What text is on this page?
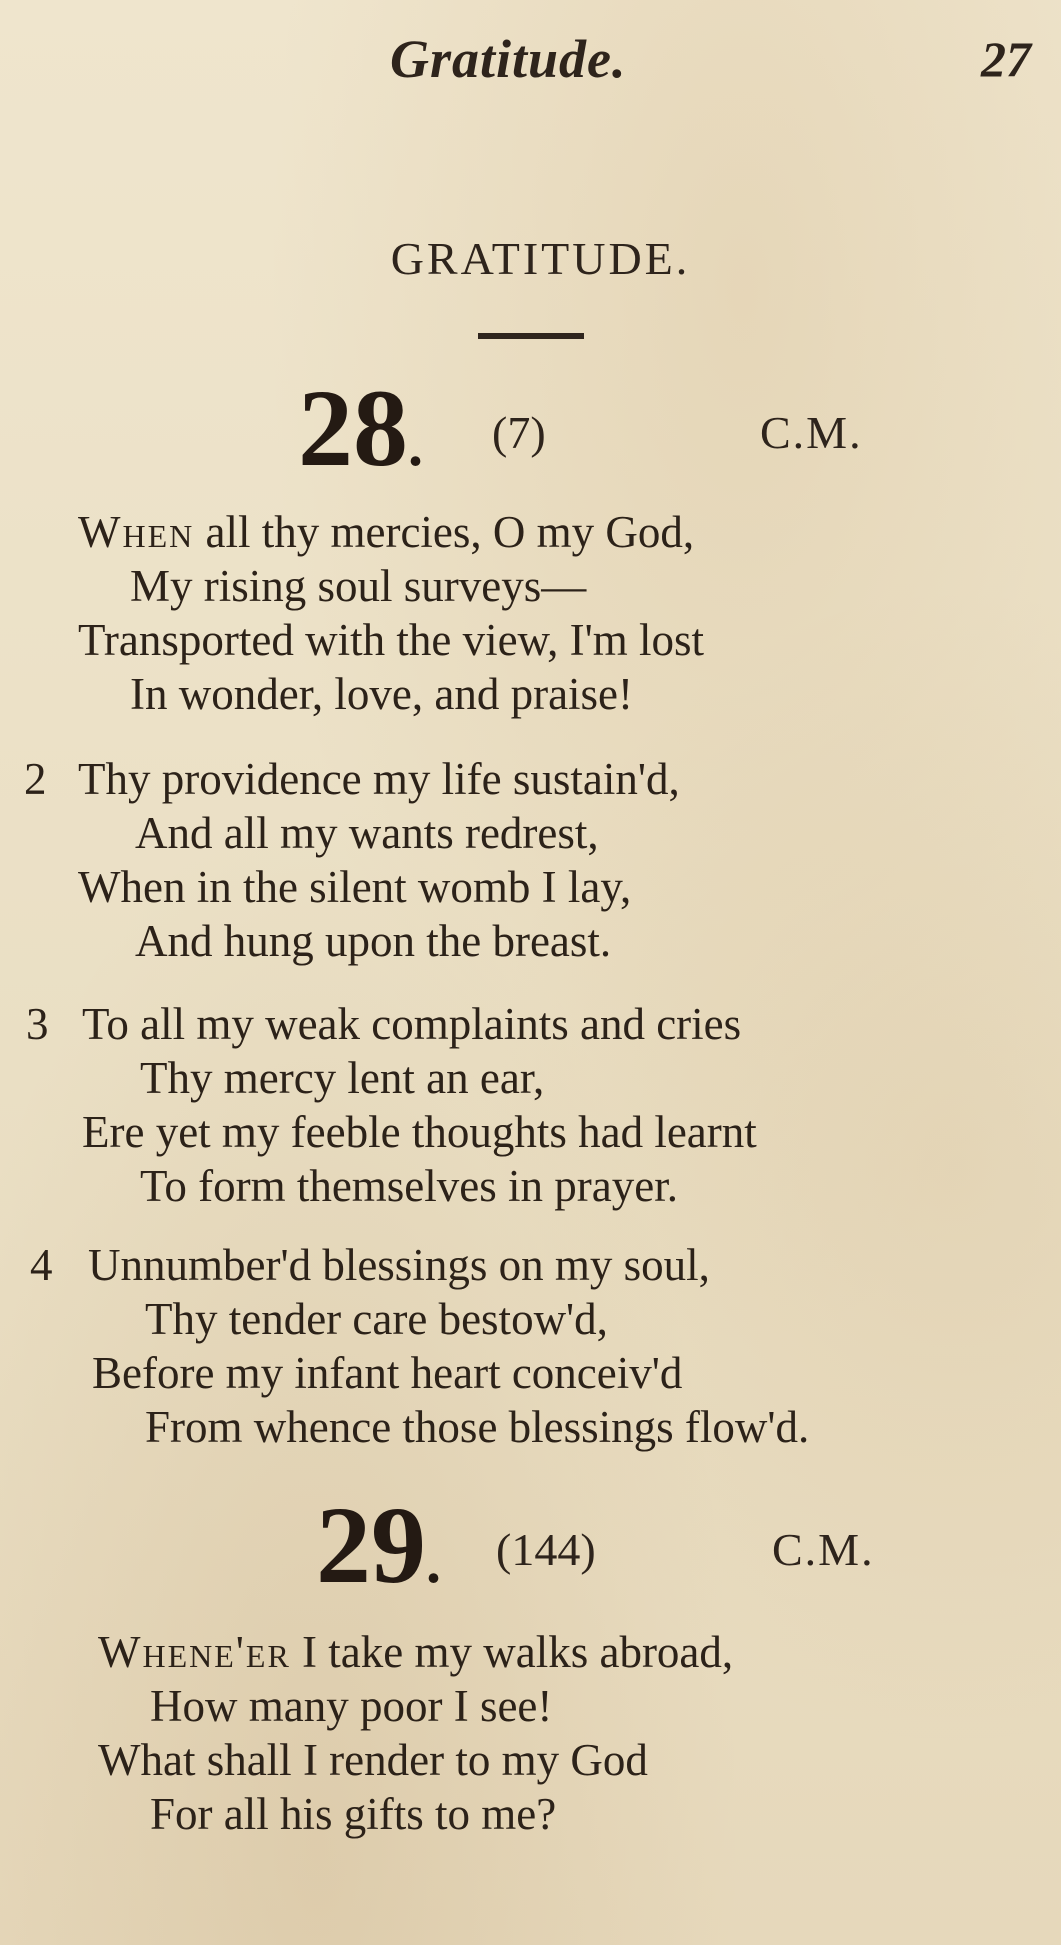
Gratitude.	27
GRATITUDE.
28. (7)	C.M.
When all thy mercies, O my God,
My rising soul surveys—
Transported with the view, I'm lost
In wonder, love, and praise!
2 Thy providence my life sustain'd,
And all my wants redrest,
When in the silent womb I lay,
And hung upon the breast.
3 To all my weak complaints and cries
Thy mercy lent an ear,
Ere yet my feeble thoughts had learnt
To form themselves in prayer.
4 Unnumber'd blessings on my soul,
Thy tender care bestow'd,
Before my infant heart conceiv'd
From whence those blessings flow'd.
29. (144)	C.M.
Whene'er I take my walks abroad,
How many poor I see!
What shall I render to my God
For all his gifts to me?
